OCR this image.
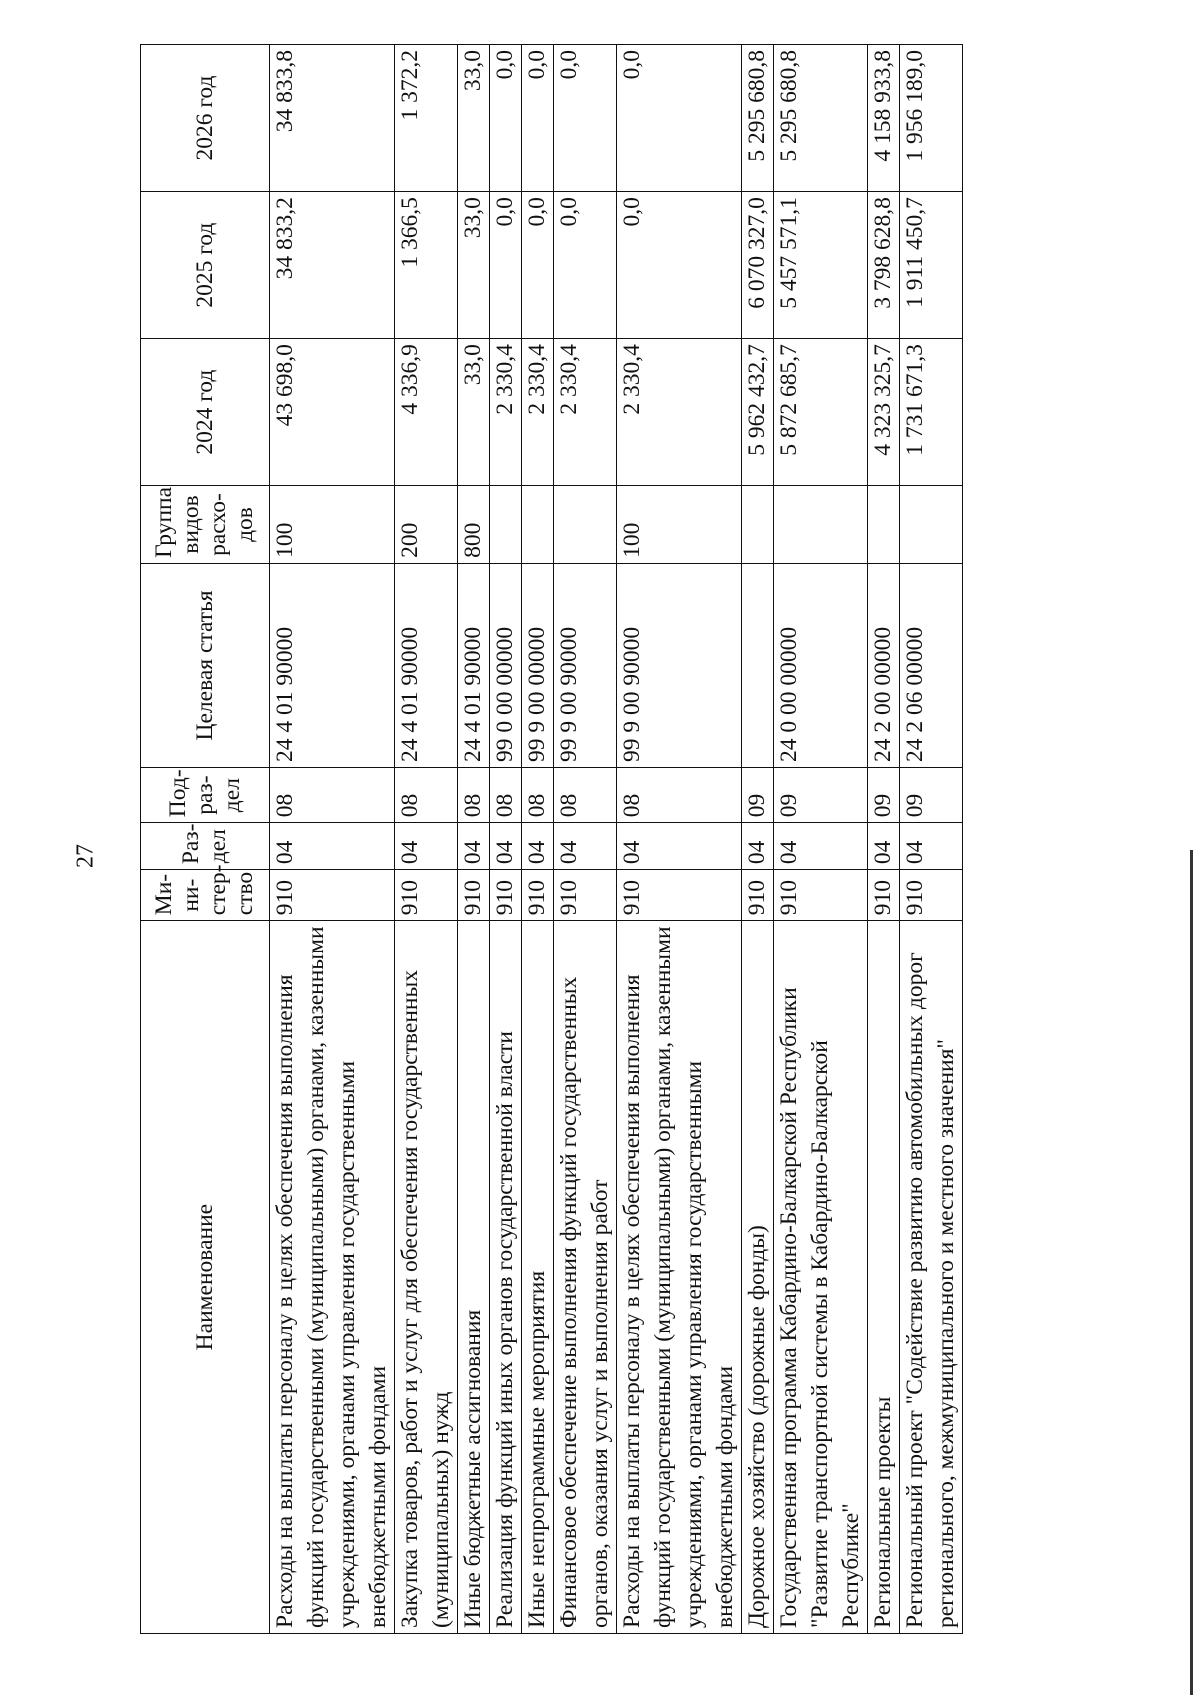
27
Наименование	Ми-
ни-
стер-
ство	Раз-
дел	Под-
раз-
дел	Целевая статья	Группа
видов
расхо-
дов	2024 год	2025 год	2026 год
Расходы на выплаты персоналу в целях обеспечения выполнения функций государственными (муниципальными) органами, казенными учреждениями, органами управления государственными внебюджетными фондами	910	04	08	24 4 01 90000	100	43 698,0	34 833,2	34 833,8
Закупка товаров, работ и услуг для обеспечения государственных (муниципальных) нужд	910	04	08	24 4 01 90000	200	4 336,9	1 366,5	1 372,2
Иные бюджетные ассигнования	910	04	08	24 4 01 90000	800	33,0	33,0	33,0
Реализация функций иных органов государственной власти	910	04	08	99 0 00 00000		2 330,4	0,0	0,0
Иные непрограммные мероприятия	910	04	08	99 9 00 00000		2 330,4	0,0	0,0
Финансовое обеспечение выполнения функций государственных органов, оказания услуг и выполнения работ	910	04	08	99 9 00 90000		2 330,4	0,0	0,0
Расходы на выплаты персоналу в целях обеспечения выполнения функций государственными (муниципальными) органами, казенными учреждениями, органами управления государственными внебюджетными фондами	910	04	08	99 9 00 90000	100	2 330,4	0,0	0,0
Дорожное хозяйство (дорожные фонды)	910	04	09			5 962 432,7	6 070 327,0	5 295 680,8
Государственная программа Кабардино-Балкарской Республики "Развитие транспортной системы в Кабардино-Балкарской Республике"	910	04	09	24 0 00 00000		5 872 685,7	5 457 571,1	5 295 680,8
Региональные проекты	910	04	09	24 2 00 00000		4 323 325,7	3 798 628,8	4 158 933,8
Региональный проект "Содействие развитию автомобильных дорог регионального, межмуниципального и местного значения"	910	04	09	24 2 06 00000		1 731 671,3	1 911 450,7	1 956 189,0
